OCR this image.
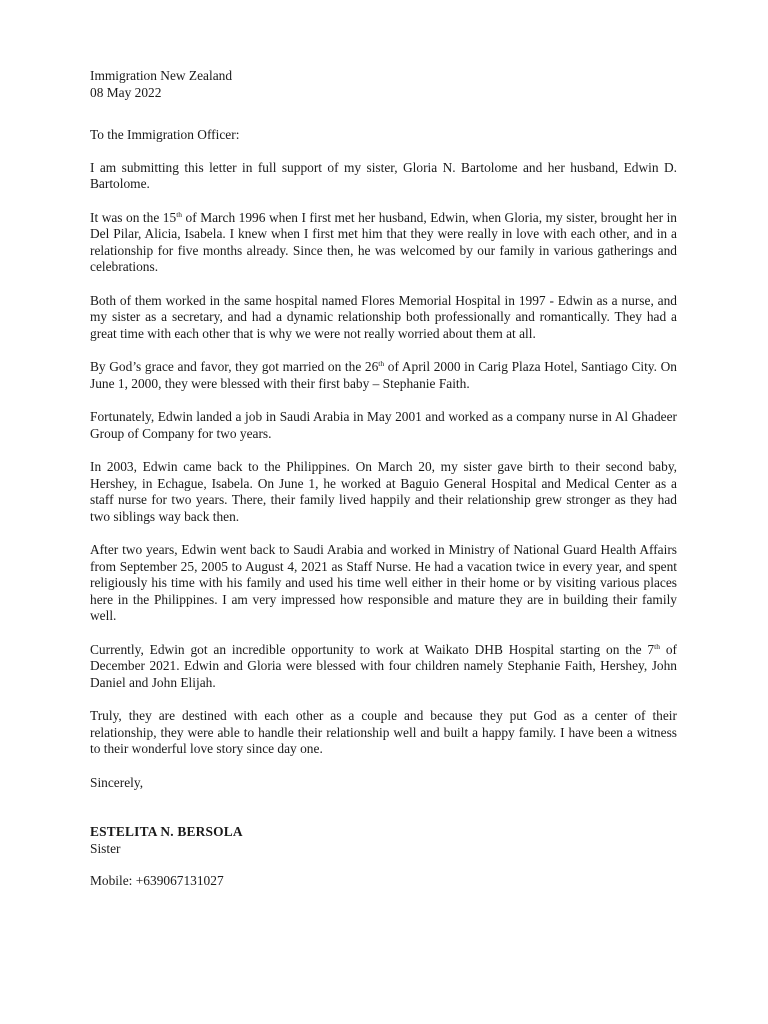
Immigration New Zealand
08 May 2022

To the Immigration Officer:

I am submitting this letter in full support of my sister, Gloria N. Bartolome and her husband, Edwin D. Bartolome.

It was on the 15th of March 1996 when I first met her husband, Edwin, when Gloria, my sister, brought her in Del Pilar, Alicia, Isabela. I knew when I first met him that they were really in love with each other, and in a relationship for five months already. Since then, he was welcomed by our family in various gatherings and celebrations.

Both of them worked in the same hospital named Flores Memorial Hospital in 1997 - Edwin as a nurse, and my sister as a secretary, and had a dynamic relationship both professionally and romantically. They had a great time with each other that is why we were not really worried about them at all.

By God’s grace and favor, they got married on the 26th of April 2000 in Carig Plaza Hotel, Santiago City. On June 1, 2000, they were blessed with their first baby – Stephanie Faith.

Fortunately, Edwin landed a job in Saudi Arabia in May 2001 and worked as a company nurse in Al Ghadeer Group of Company for two years.

In 2003, Edwin came back to the Philippines. On March 20, my sister gave birth to their second baby, Hershey, in Echague, Isabela. On June 1, he worked at Baguio General Hospital and Medical Center as a staff nurse for two years. There, their family lived happily and their relationship grew stronger as they had two siblings way back then.

After two years, Edwin went back to Saudi Arabia and worked in Ministry of National Guard Health Affairs from September 25, 2005 to August 4, 2021 as Staff Nurse. He had a vacation twice in every year, and spent religiously his time with his family and used his time well either in their home or by visiting various places here in the Philippines. I am very impressed how responsible and mature they are in building their family well.

Currently, Edwin got an incredible opportunity to work at Waikato DHB Hospital starting on the 7th of December 2021. Edwin and Gloria were blessed with four children namely Stephanie Faith, Hershey, John Daniel and John Elijah.

Truly, they are destined with each other as a couple and because they put God as a center of their relationship, they were able to handle their relationship well and built a happy family. I have been a witness to their wonderful love story since day one.

Sincerely,

ESTELITA N. BERSOLA
Sister
Mobile: +639067131027
